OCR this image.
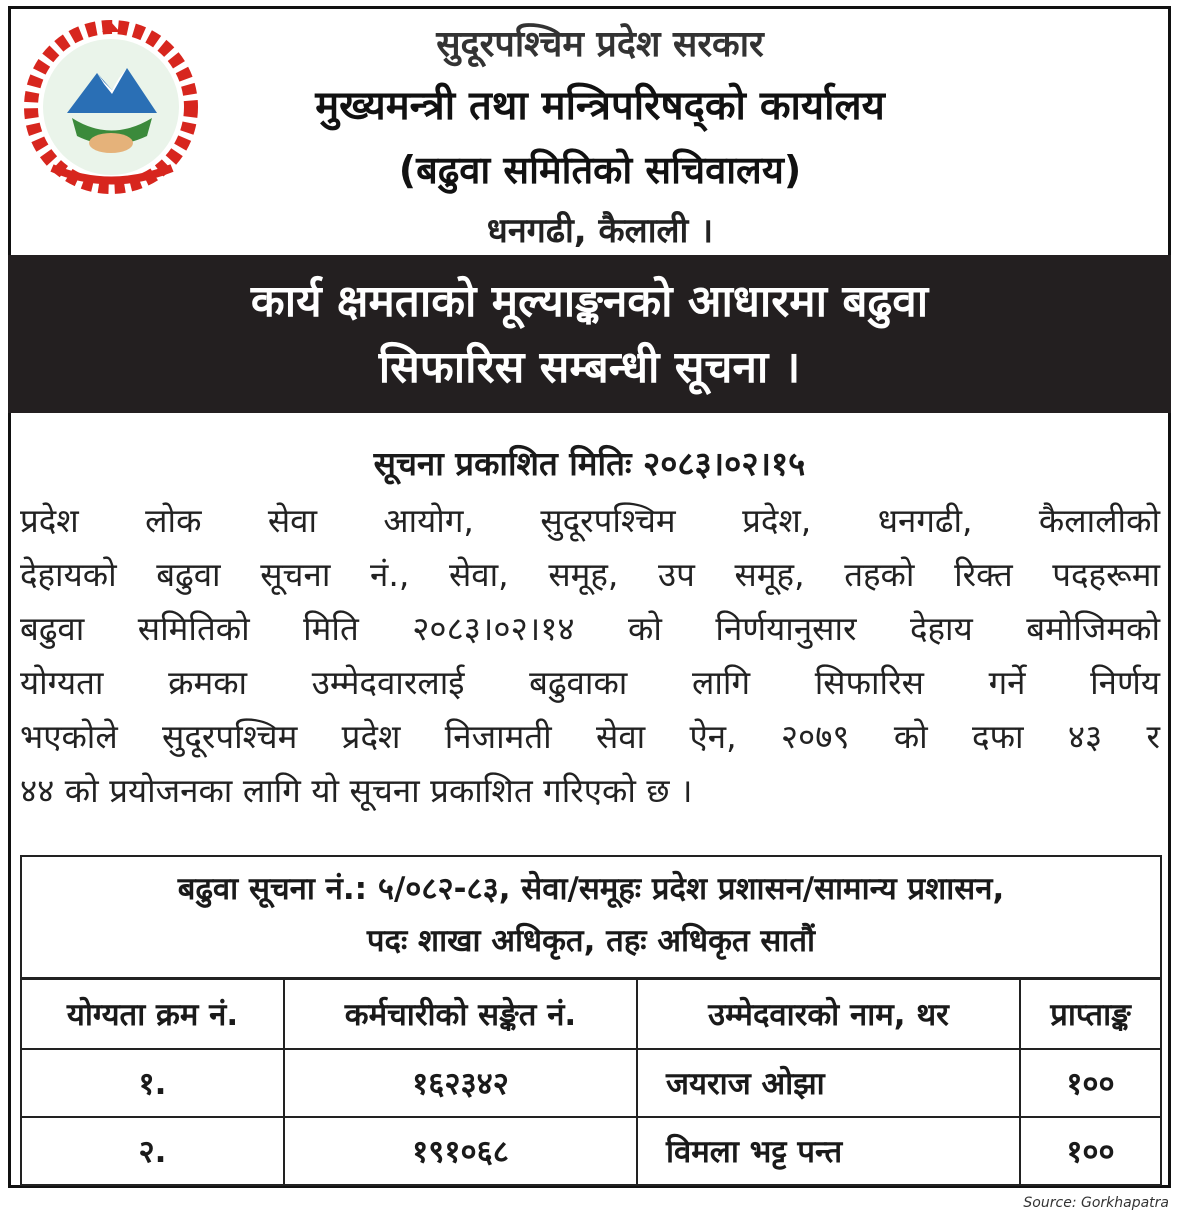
सुदूरपश्चिम प्रदेश सरकार
मुख्यमन्त्री तथा मन्त्रिपरिषद्को कार्यालय
(बढुवा समितिको सचिवालय)
धनगढी, कैलाली ।
कार्य क्षमताको मूल्याङ्कनको आधारमा बढुवा
सिफारिस सम्बन्धी सूचना ।
सूचना प्रकाशित मितिः २०८३।०२।१५
प्रदेश लोक सेवा आयोग, सुदूरपश्चिम प्रदेश, धनगढी, कैलालीको
देहायको बढुवा सूचना नं., सेवा, समूह, उप समूह, तहको रिक्त पदहरूमा
बढुवा समितिको मिति २०८३।०२।१४ को निर्णयानुसार देहाय बमोजिमको
योग्यता क्रमका उम्मेदवारलाई बढुवाका लागि सिफारिस गर्ने निर्णय
भएकोले सुदूरपश्चिम प्रदेश निजामती सेवा ऐन, २०७९ को दफा ४३ र
४४ को प्रयोजनका लागि यो सूचना प्रकाशित गरिएको छ ।
बढुवा सूचना नं.: ५/०८२-८३, सेवा/समूहः प्रदेश प्रशासन/सामान्य प्रशासन,
पदः शाखा अधिकृत, तहः अधिकृत सातौं
योग्यता क्रम नं.	कर्मचारीको सङ्केत नं.	उम्मेदवारको नाम, थर	प्राप्ताङ्क
१.	१६२३४२	जयराज ओझा	१००
२.	१९१०६८	विमला भट्ट पन्त	१००
Source: Gorkhapatra
